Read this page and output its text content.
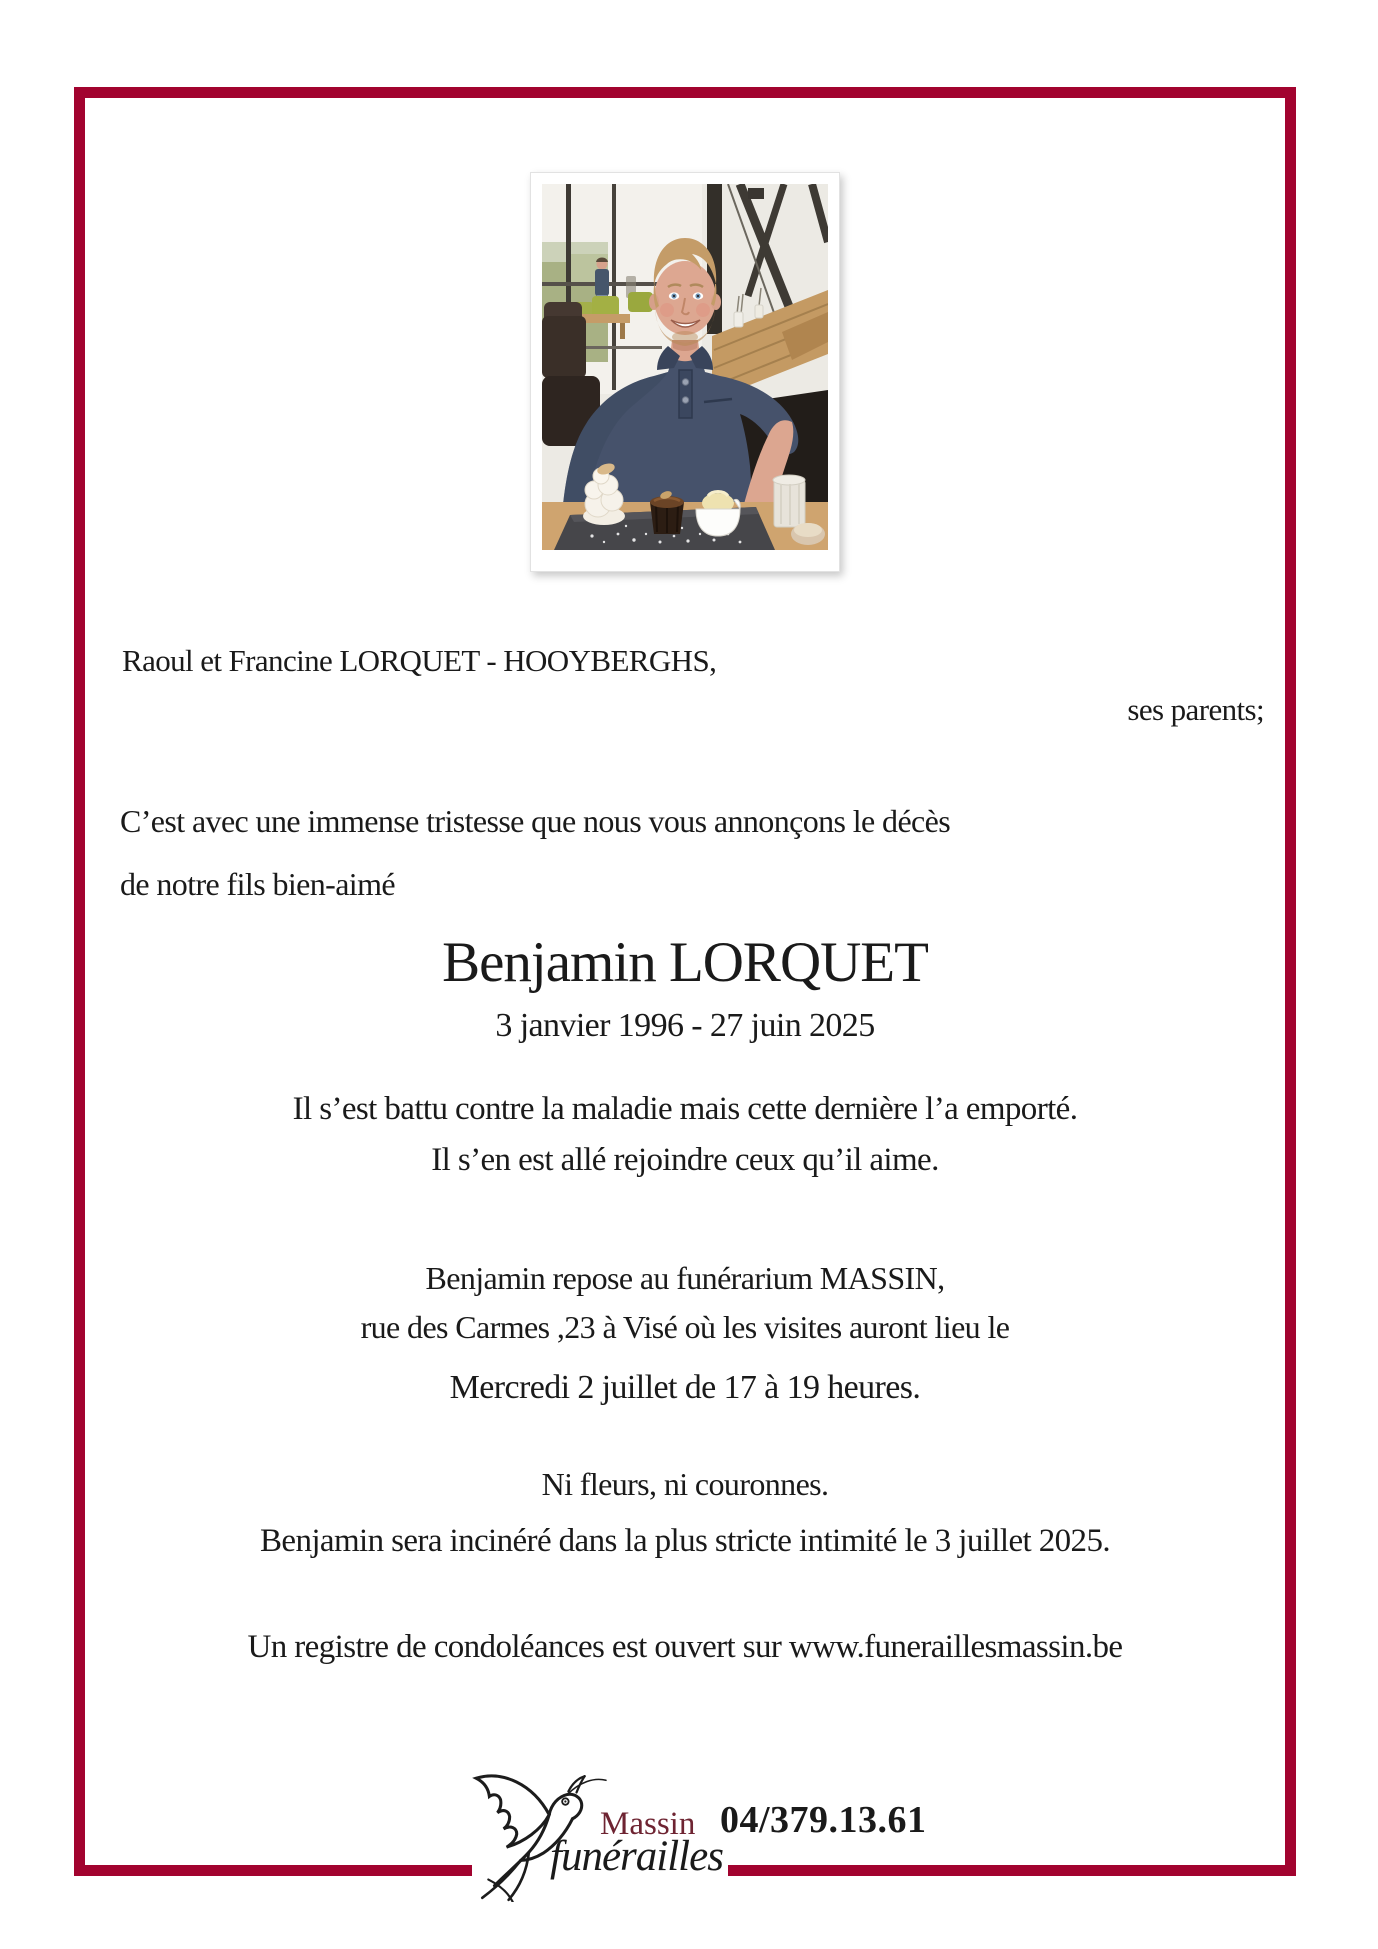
Raoul et Francine LORQUET - HOOYBERGHS,
ses parents;
C’est avec une immense tristesse que nous vous annonçons le décès
de notre fils bien-aimé
Benjamin LORQUET
3 janvier 1996 - 27 juin 2025
Il s’est battu contre la maladie mais cette dernière l’a emporté.
Il s’en est allé rejoindre ceux qu’il aime.
Benjamin repose au funérarium MASSIN,
rue des Carmes ,23 à Visé où les visites auront lieu le
Mercredi 2 juillet de 17 à 19 heures.
Ni fleurs, ni couronnes.
Benjamin sera incinéré dans la plus stricte intimité le 3 juillet 2025.
Un registre de condoléances est ouvert sur www.funeraillesmassin.be
Massin
funérailles
04/379.13.61
